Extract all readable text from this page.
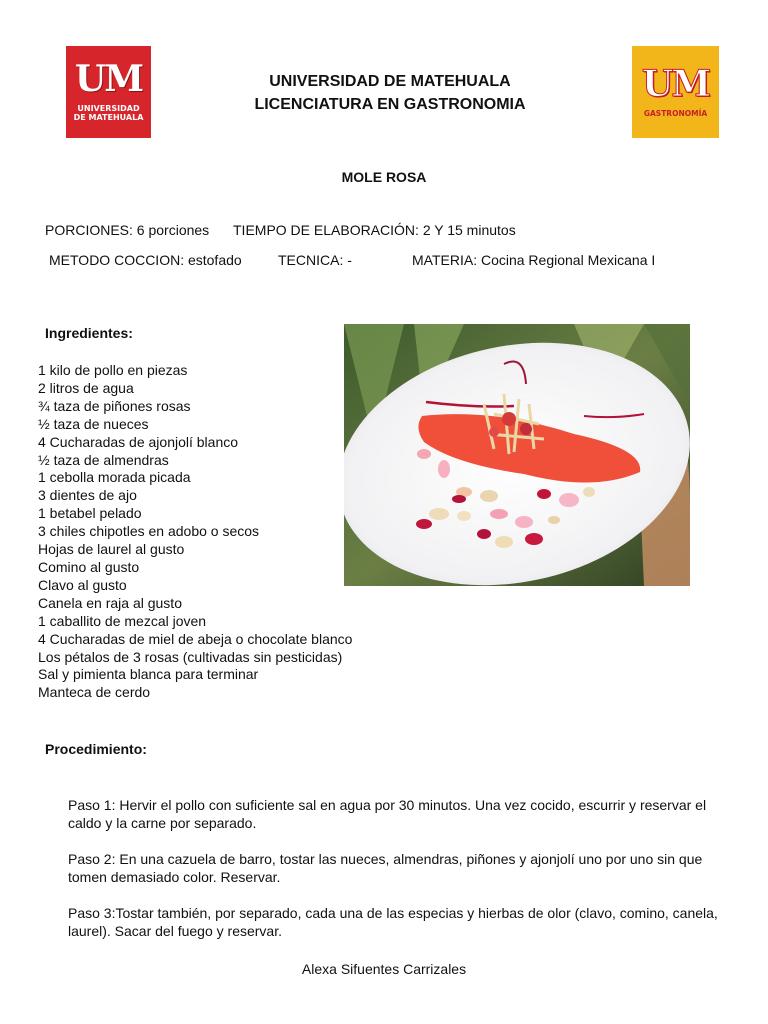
UM
UNIVERSIDAD
DE MATEHUALA
UM
GASTRONOMÍA
UNIVERSIDAD DE MATEHUALA
LICENCIATURA EN GASTRONOMIA
MOLE ROSA
PORCIONES: 6 porciones TIEMPO DE ELABORACIÓN: 2 Y 15 minutos
METODO COCCION: estofado	TECNICA: -	MATERIA: Cocina Regional Mexicana I
Ingredientes:
1 kilo de pollo en piezas
2 litros de agua
¾ taza de piñones rosas
½ taza de nueces
4 Cucharadas de ajonjolí blanco
½ taza de almendras
1 cebolla morada picada
3 dientes de ajo
1 betabel pelado
3 chiles chipotles en adobo o secos
Hojas de laurel al gusto
Comino al gusto
Clavo al gusto
Canela en raja al gusto
1 caballito de mezcal joven
4 Cucharadas de miel de abeja o chocolate blanco
Los pétalos de 3 rosas (cultivadas sin pesticidas)
Sal y pimienta blanca para terminar
Manteca de cerdo
Procedimiento:

Paso 1: Hervir el pollo con suficiente sal en agua por 30 minutos. Una vez cocido, escurrir y reservar el caldo y la carne por separado.

Paso 2: En una cazuela de barro, tostar las nueces, almendras, piñones y ajonjolí uno por uno sin que tomen demasiado color. Reservar.

Paso 3:Tostar también, por separado, cada una de las especias y hierbas de olor (clavo, comino, canela, laurel). Sacar del fuego y reservar.

Alexa Sifuentes Carrizales
